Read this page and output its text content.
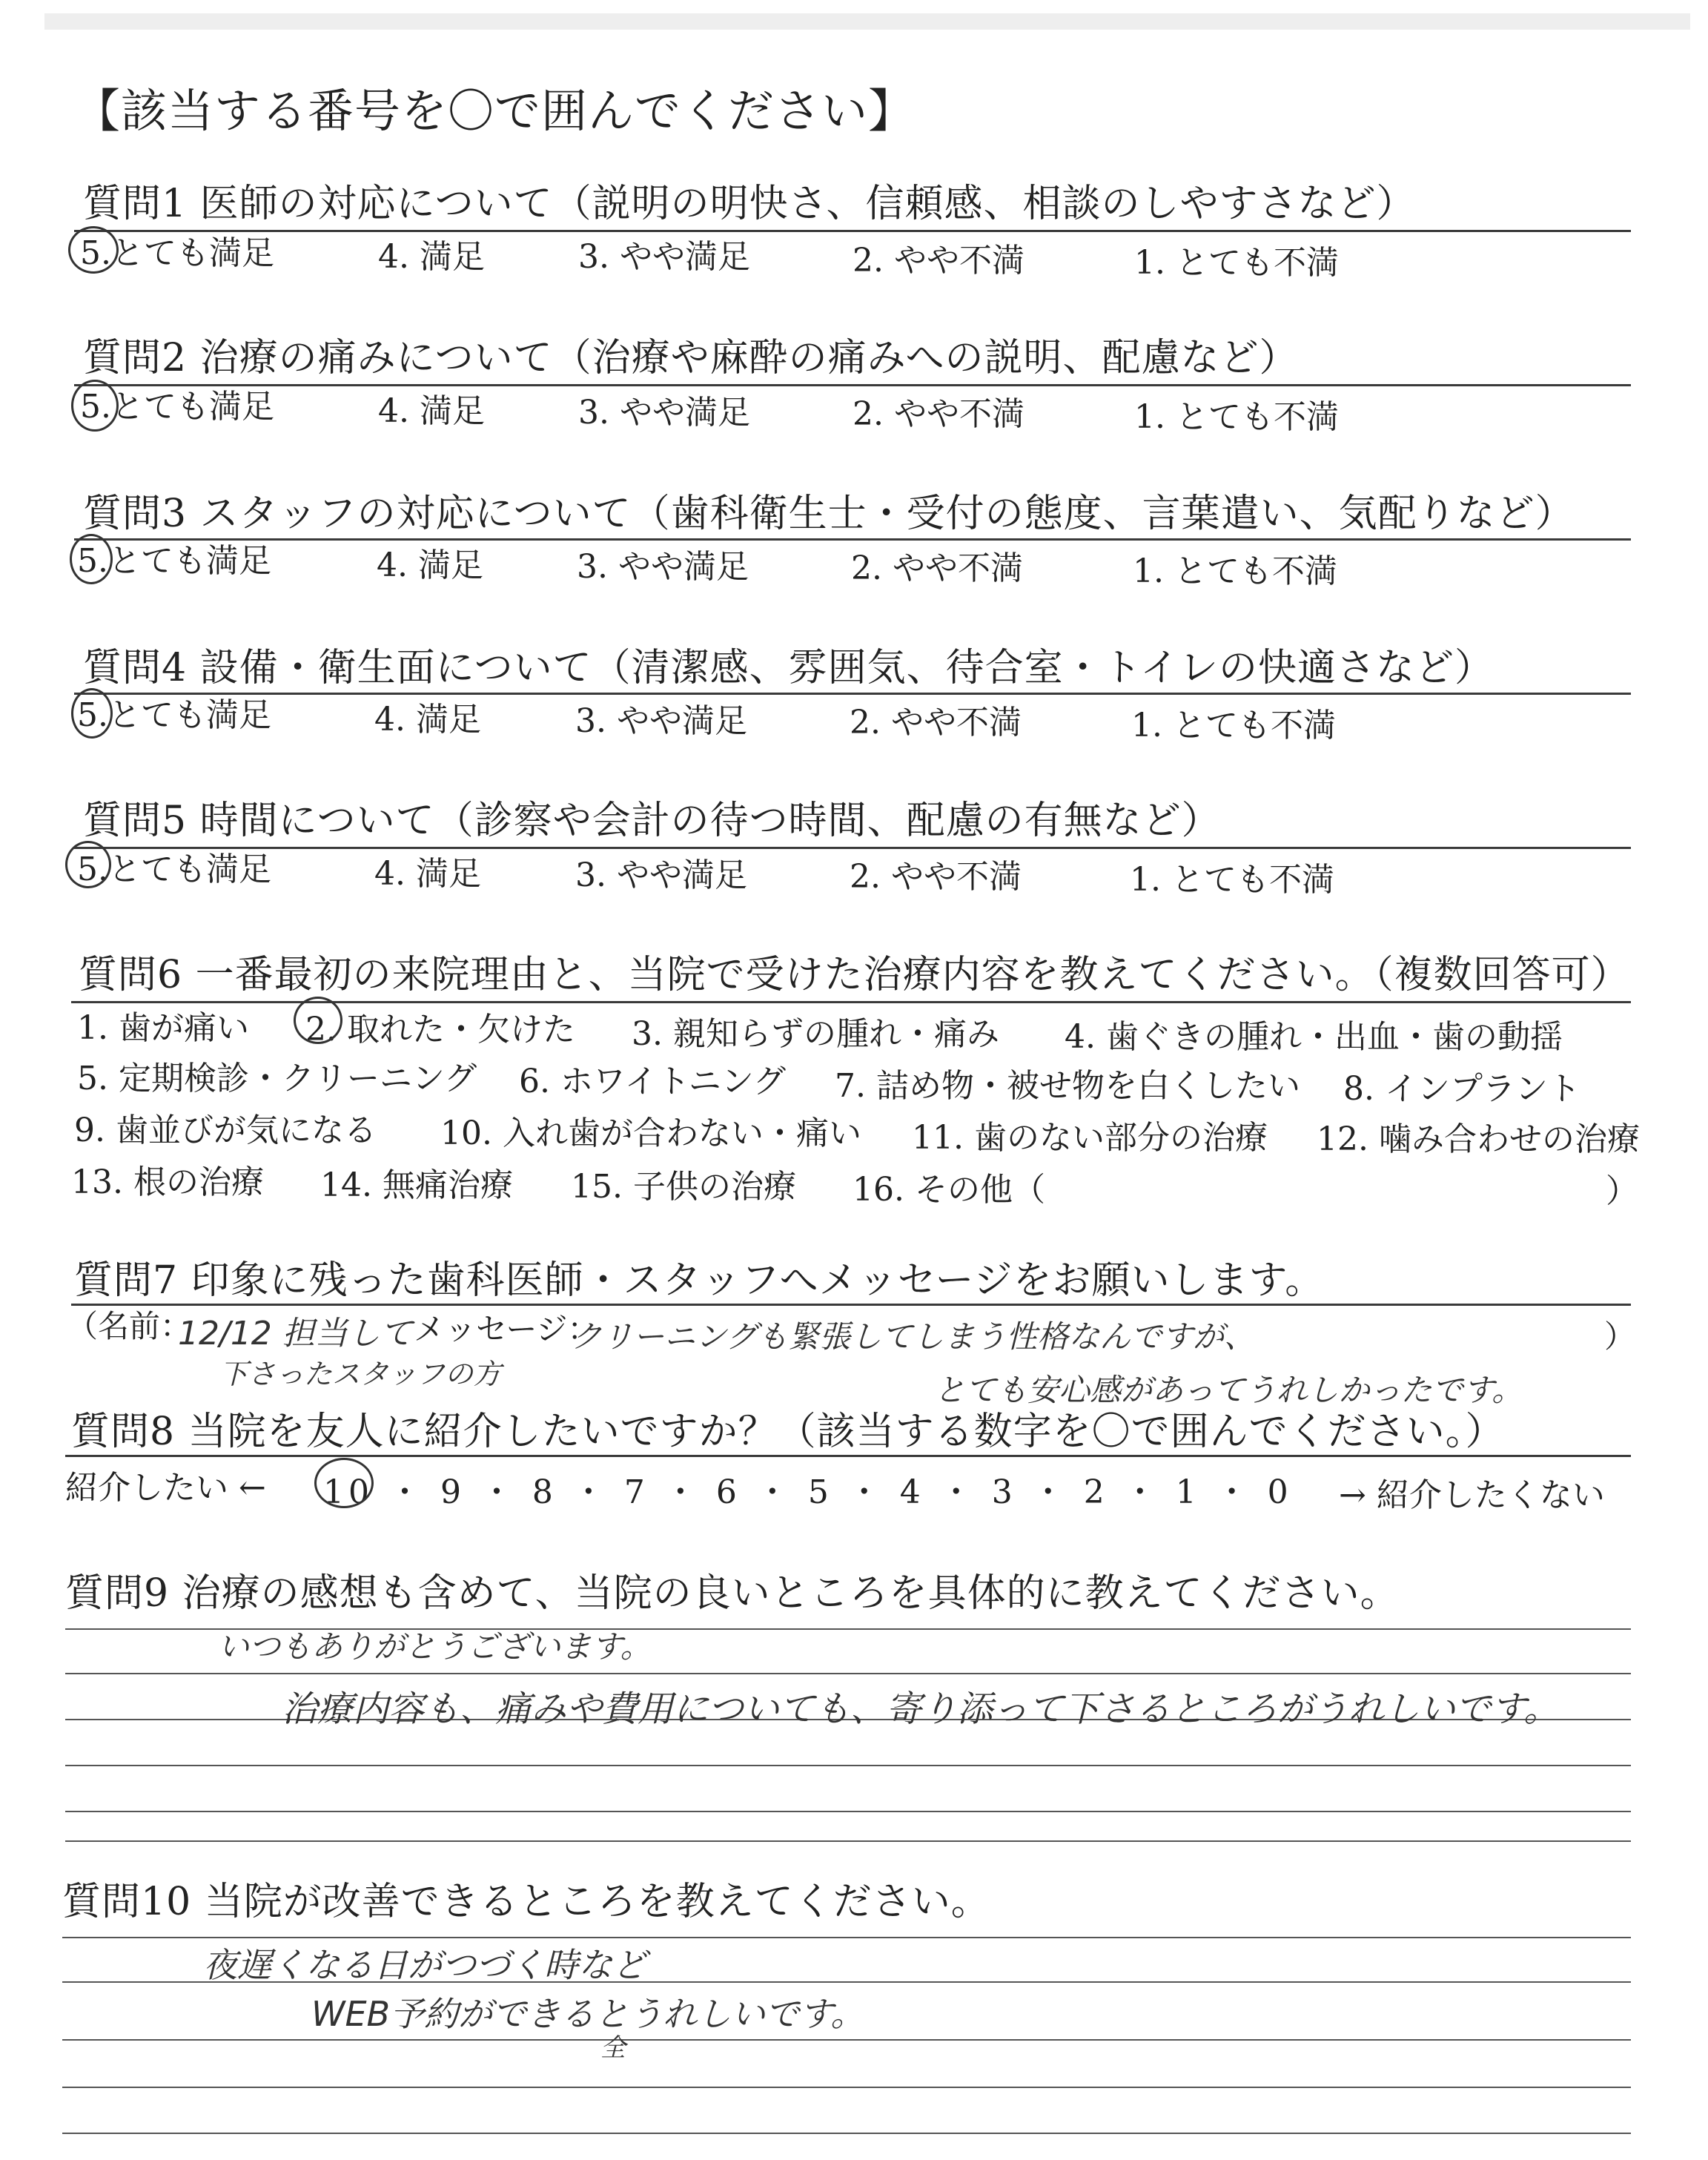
【該当する番号を〇で囲んでください】
質問1 医師の対応について（説明の明快さ、信頼感、相談のしやすさなど）
5.とても満足	4. 満足	3. やや満足	2. やや不満	1. とても不満
質問2 治療の痛みについて（治療や麻酔の痛みへの説明、配慮など）
5.とても満足	4. 満足	3. やや満足	2. やや不満	1. とても不満
質問3 スタッフの対応について（歯科衛生士・受付の態度、言葉遣い、気配りなど）
5.とても満足	4. 満足	3. やや満足	2. やや不満	1. とても不満
質問4 設備・衛生面について（清潔感、雰囲気、待合室・トイレの快適さなど）
5.とても満足	4. 満足	3. やや満足	2. やや不満	1. とても不満
質問5 時間について（診察や会計の待つ時間、配慮の有無など）
5.とても満足	4. 満足	3. やや満足	2. やや不満	1. とても不満
質問6 一番最初の来院理由と、当院で受けた治療内容を教えてください。（複数回答可）
1. 歯が痛い 2. 取れた・欠けた 3. 親知らずの腫れ・痛み 4. 歯ぐきの腫れ・出血・歯の動揺
5. 定期検診・クリーニング 6. ホワイトニング 7. 詰め物・被せ物を白くしたい 8. インプラント
9. 歯並びが気になる 10. 入れ歯が合わない・痛い 11. 歯のない部分の治療 12. 噛み合わせの治療
13. 根の治療 14. 無痛治療 15. 子供の治療 16. その他（	）
質問7 印象に残った歯科医師・スタッフへメッセージをお願いします。
（名前：
12/12 担当して メッセージ：
クリーニングも緊張してしまう性格なんですが、	）
下さったスタッフの方	とても安心感があってうれしかったです。
質問8 当院を友人に紹介したいですか？（該当する数字を〇で囲んでください。）
紹介したい ← 10 ・ 9 ・ 8 ・ 7 ・ 6 ・ 5 ・ 4 ・ 3 ・ 2 ・ 1 ・ 0 → 紹介したくない
質問9 治療の感想も含めて、当院の良いところを具体的に教えてください。
いつもありがとうございます。
治療内容も、痛みや費用についても、寄り添って下さるところがうれしいです。
質問10 当院が改善できるところを教えてください。
夜遅くなる日がつづく時など
WEB予約ができるとうれしいです。
全
